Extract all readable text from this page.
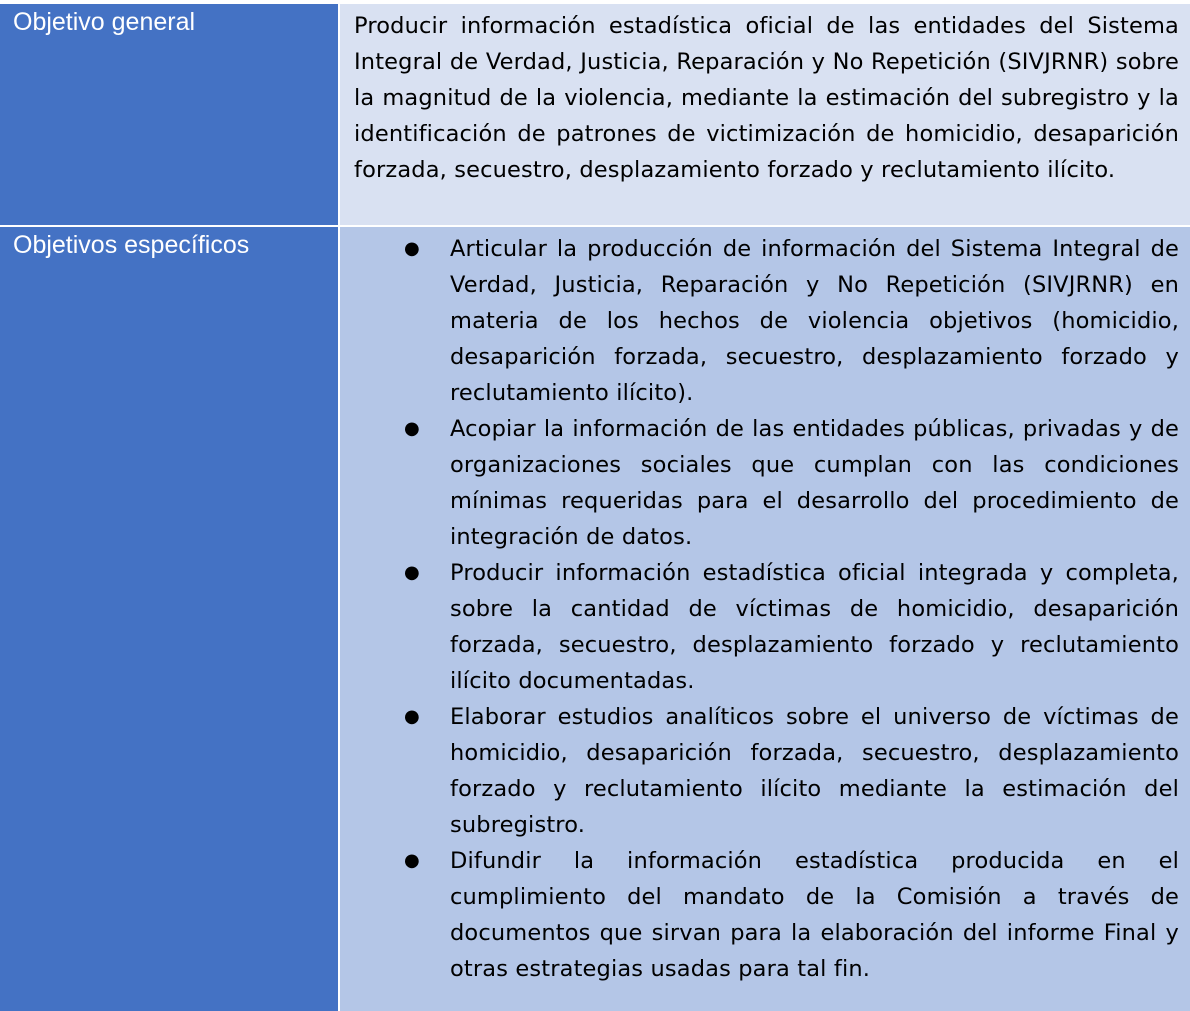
Objetivo general	Producir información estadística oficial de las entidades del Sistema Integral de Verdad, Justicia, Reparación y No Repetición (SIVJRNR) sobre la magnitud de la violencia, mediante la estimación del subregistro y la identificación de patrones de victimización de homicidio, desaparición forzada, secuestro, desplazamiento forzado y reclutamiento ilícito.

Objetivos específicos	● Articular la producción de información del Sistema Integral de Verdad, Justicia, Reparación y No Repetición (SIVJRNR) en materia de los hechos de violencia objetivos (homicidio, desaparición forzada, secuestro, desplazamiento forzado y reclutamiento ilícito).

● Acopiar la información de las entidades públicas, privadas y de organizaciones sociales que cumplan con las condiciones mínimas requeridas para el desarrollo del procedimiento de integración de datos.

● Producir información estadística oficial integrada y completa, sobre la cantidad de víctimas de homicidio, desaparición forzada, secuestro, desplazamiento forzado y reclutamiento ilícito documentadas.

● Elaborar estudios analíticos sobre el universo de víctimas de homicidio, desaparición forzada, secuestro, desplazamiento forzado y reclutamiento ilícito mediante la estimación del subregistro.

● Difundir la información estadística producida en el cumplimiento del mandato de la Comisión a través de documentos que sirvan para la elaboración del informe Final y otras estrategias usadas para tal fin.
